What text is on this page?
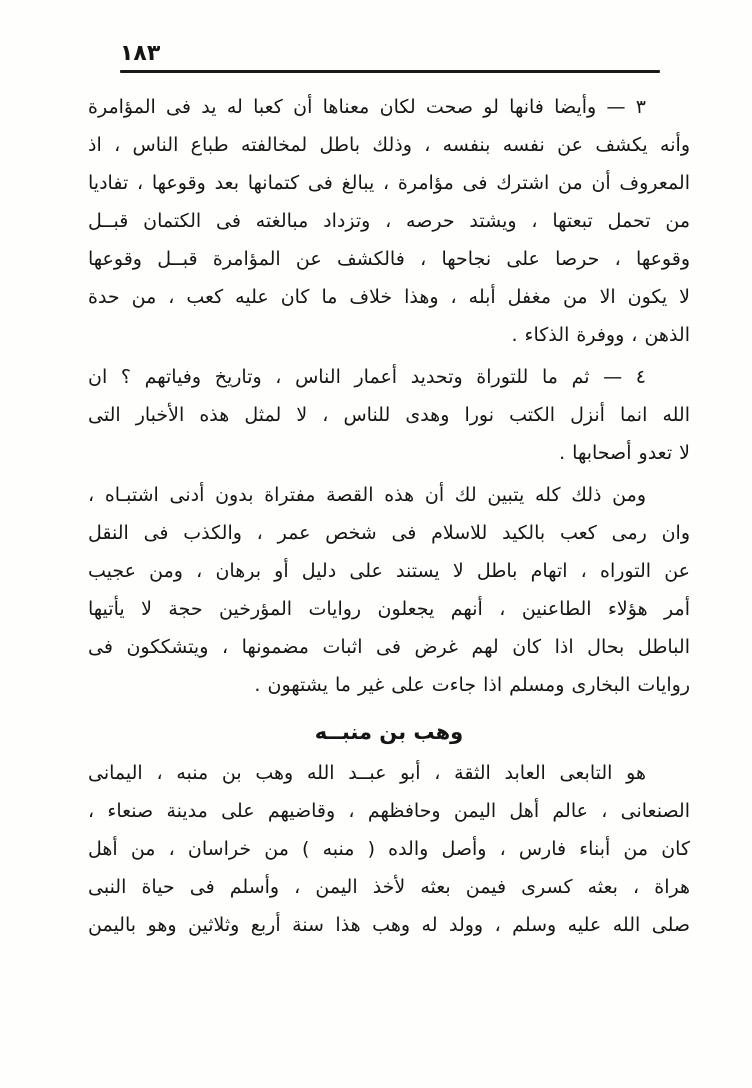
١٨٣

٣ — وأيضا فانها لو صحت لكان معناها أن كعبا له يد فى المؤامرة
وأنه يكشف عن نفسه بنفسه ، وذلك باطل لمخالفته طباع الناس ، اذ
المعروف أن من اشترك فى مؤامرة ، يبالغ فى كتمانها بعد وقوعها ، تفاديا
من تحمل تبعتها ، ويشتد حرصه ، وتزداد مبالغته فى الكتمان قبــل
وقوعها ، حرصا على نجاحها ، فالكشف عن المؤامرة قبــل وقوعها
لا يكون الا من مغفل أبله ، وهذا خلاف ما كان عليه كعب ، من حدة
الذهن ، ووفرة الذكاء .

٤ — ثم ما للتوراة وتحديد أعمار الناس ، وتاريخ وفياتهم ؟ ان
الله انما أنزل الكتب نورا وهدى للناس ، لا لمثل هذه الأخبار التى
لا تعدو أصحابها .

ومن ذلك كله يتبين لك أن هذه القصة مفتراة بدون أدنى اشتبـاه ،
وان رمى كعب بالكيد للاسلام فى شخص عمر ، والكذب فى النقل
عن التوراه ، اتهام باطل لا يستند على دليل أو برهان ، ومن عجيب
أمر هؤلاء الطاعنين ، أنهم يجعلون روايات المؤرخين حجة لا يأتيها
الباطل بحال اذا كان لهم غرض فى اثبات مضمونها ، ويتشككون فى
روايات البخارى ومسلم اذا جاءت على غير ما يشتهون .

وهب بن منبــه

هو التابعى العابد الثقة ، أبو عبــد الله وهب بن منبه ، اليمانى
الصنعانى ، عالم أهل اليمن وحافظهم ، وقاضيهم على مدينة صنعاء ،
كان من أبناء فارس ، وأصل والده ( منبه ) من خراسان ، من أهل
هراة ، بعثه كسرى فيمن بعثه لأخذ اليمن ، وأسلم فى حياة النبى
صلى الله عليه وسلم ، وولد له وهب هذا سنة أربع وثلاثين وهو باليمن
